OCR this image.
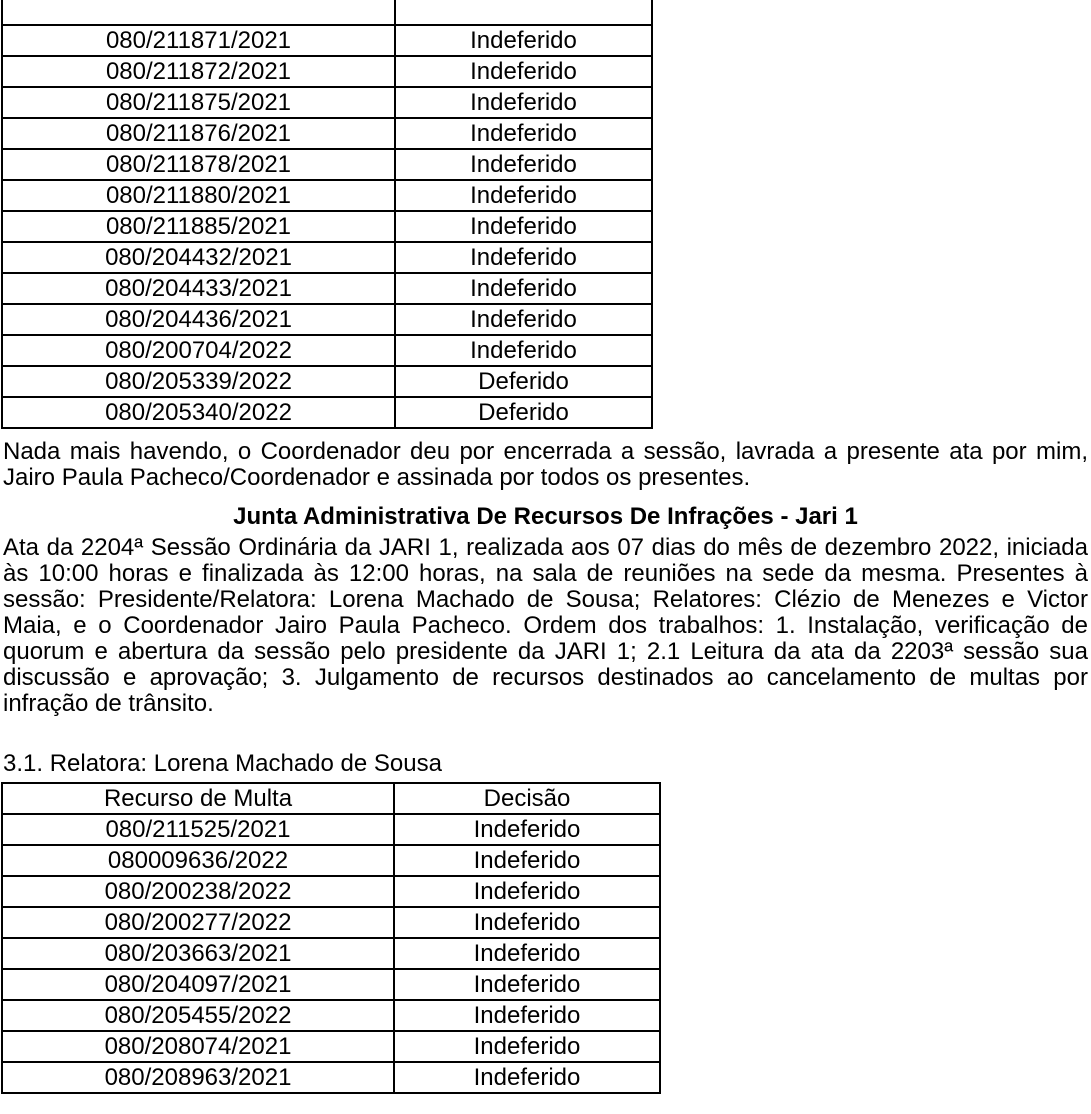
080/211871/2021	Indeferido
080/211872/2021	Indeferido
080/211875/2021	Indeferido
080/211876/2021	Indeferido
080/211878/2021	Indeferido
080/211880/2021	Indeferido
080/211885/2021	Indeferido
080/204432/2021	Indeferido
080/204433/2021	Indeferido
080/204436/2021	Indeferido
080/200704/2022	Indeferido
080/205339/2022	Deferido
080/205340/2022	Deferido

Nada mais havendo, o Coordenador deu por encerrada a sessão, lavrada a presente ata por mim, Jairo Paula Pacheco/Coordenador e assinada por todos os presentes.

Junta Administrativa De Recursos De Infrações - Jari 1

Ata da 2204ª Sessão Ordinária da JARI 1, realizada aos 07 dias do mês de dezembro 2022, iniciada às 10:00 horas e finalizada às 12:00 horas, na sala de reuniões na sede da mesma. Presentes à sessão: Presidente/Relatora: Lorena Machado de Sousa; Relatores: Clézio de Menezes e Victor Maia, e o Coordenador Jairo Paula Pacheco. Ordem dos trabalhos: 1. Instalação, verificação de quorum e abertura da sessão pelo presidente da JARI 1; 2.1 Leitura da ata da 2203ª sessão sua discussão e aprovação; 3. Julgamento de recursos destinados ao cancelamento de multas por infração de trânsito.

3.1. Relatora: Lorena Machado de Sousa

Recurso de Multa	Decisão
080/211525/2021	Indeferido
080009636/2022	Indeferido
080/200238/2022	Indeferido
080/200277/2022	Indeferido
080/203663/2021	Indeferido
080/204097/2021	Indeferido
080/205455/2022	Indeferido
080/208074/2021	Indeferido
080/208963/2021	Indeferido
